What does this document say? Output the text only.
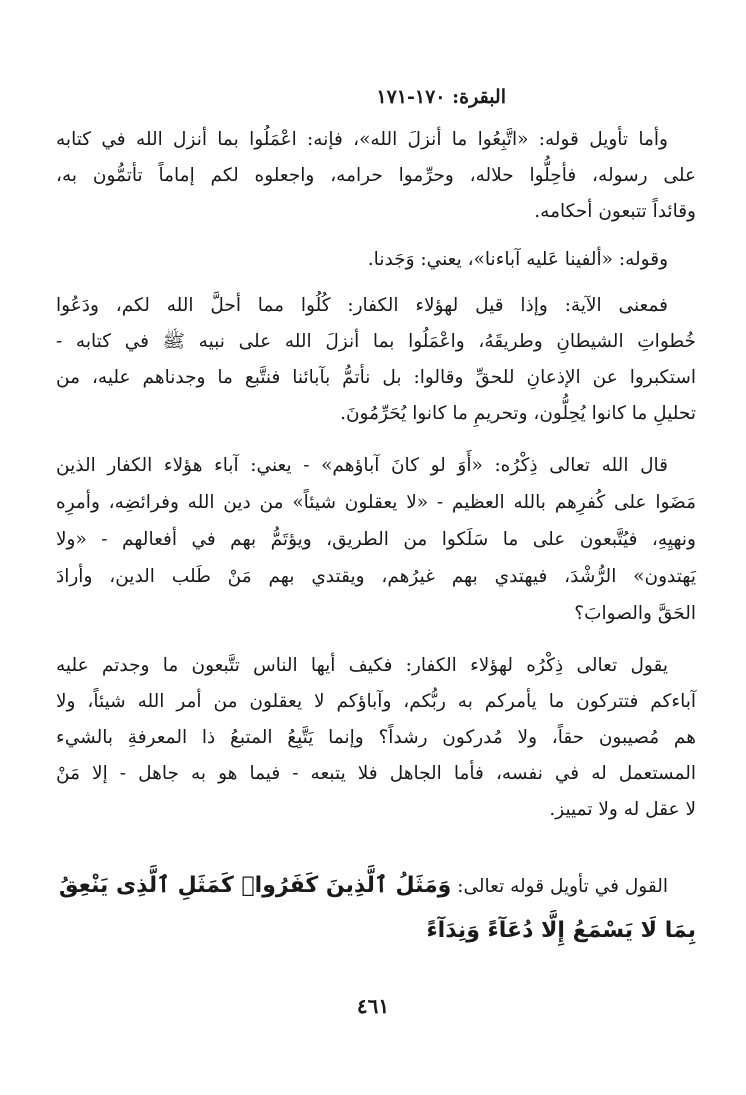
البقرة: ١٧٠-١٧١
وأما تأويل قوله: «اتَّبِعُوا ما أنزلَ الله»، فإنه: اعْمَلُوا بما أنزل الله في كتابه
على رسوله، فأحِلُّوا حلاله، وحرِّموا حرامه، واجعلوه لكم إماماً تأتمُّون به،
وقائداً تتبعون أحكامه.
وقوله: «ألفينا عَليه آباءنا»، يعني: وَجَدنا.
فمعنى الآية: وإذا قيل لهؤلاء الكفار: كُلُوا مما أحلَّ الله لكم، ودَعُوا
خُطواتِ الشيطانِ وطريقَهُ، واعْمَلُوا بما أنزلَ الله على نبيه ﷺ في كتابه -
استكبروا عن الإذعانِ للحقِّ وقالوا: بل نأتمُّ بآبائنا فنتَّبع ما وجدناهم عليه، من
تحليلِ ما كانوا يُحِلُّون، وتحريمِ ما كانوا يُحَرِّمُونَ.
قال الله تعالى ذِكْرُه: «أَوَ لو كانَ آباؤهم» - يعني: آباء هؤلاء الكفار الذين
مَضَوا على كُفرِهم بالله العظيم - «لا يعقلون شيئاً» من دين الله وفرائضِه، وأمرِه
ونهيِهِ، فيُتَّبعون على ما سَلَكوا من الطريق، ويؤتَمُّ بهم في أفعالهم - «ولا
يَهتدون» الرُّشْدَ، فيهتدي بهم غيرُهم، ويقتدي بهم مَنْ طَلب الدين، وأرادَ
الحَقَّ والصوابَ؟
يقول تعالى ذِكْرُه لهؤلاء الكفار: فكيف أيها الناس تتَّبعون ما وجدتم عليه
آباءكم فتتركون ما يأمركم به ربُّكم، وآباؤكم لا يعقلون من أمر الله شيئاً، ولا
هم مُصيبون حقاً، ولا مُدركون رشداً؟ وإنما يَتَّبِعُ المتبعُ ذا المعرفةِ بالشيء
المستعمل له في نفسه، فأما الجاهل فلا يتبعه - فيما هو به جاهل - إلا مَنْ
لا عقل له ولا تمييز.
القول في تأويل قوله تعالى: وَمَثَلُ ٱلَّذِينَ كَفَرُوا۟ كَمَثَلِ ٱلَّذِى يَنْعِقُ
بِمَا لَا يَسْمَعُ إِلَّا دُعَآءً وَنِدَآءً
٤٦١
